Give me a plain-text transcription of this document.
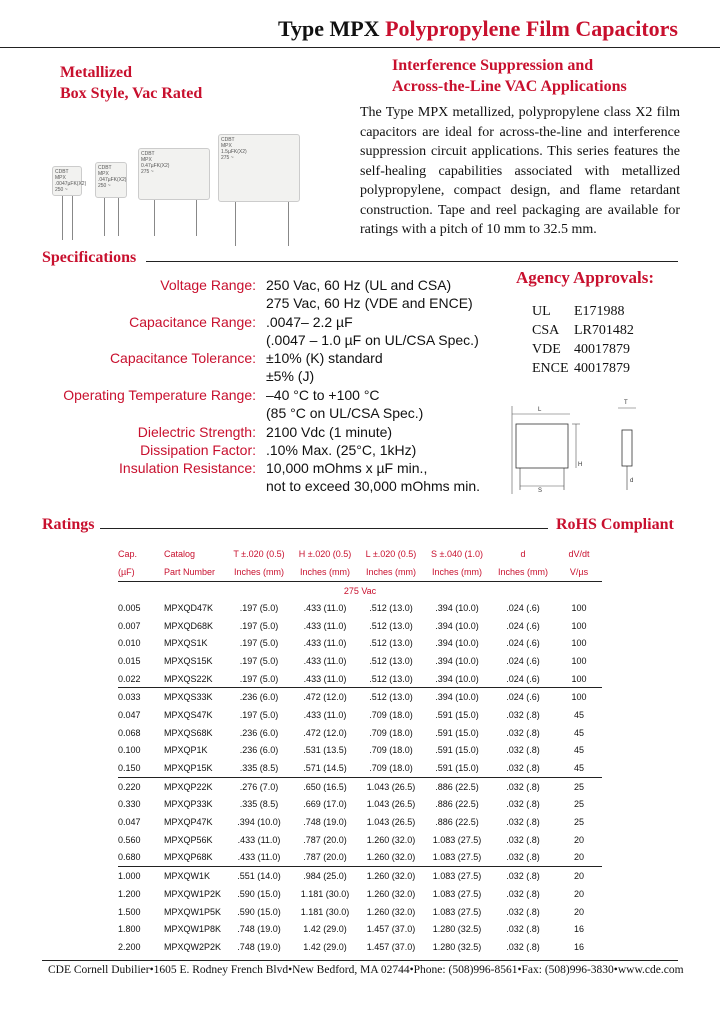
Type MPX Polypropylene Film Capacitors
Metallized
Box Style, Vac Rated
Interference Suppression and
Across-the-Line VAC Applications
The Type MPX metallized, polypropylene class X2 film capacitors are ideal for across-the-line and interference suppression circuit applications. This series features the self-healing capabilities associated with metallized polypropylene, compact design, and flame retardant construction. Tape and reel packaging are available for ratings with a pitch of 10 mm to 32.5 mm.
CDBT
MPX
.0047µFK(X2)
250 ~
CDBT
MPX
.047µFK(X2)
250 ~
CDBT
MPX
0.47µFK(X2)
275 ~
CDBT
MPX
1.5µFK(X2)
275 ~
Specifications
Voltage Range: 250 Vac, 60 Hz (UL and CSA)
275 Vac, 60 Hz (VDE and ENCE)
Capacitance Range: .0047– 2.2 µF
(.0047 – 1.0 µF on UL/CSA Spec.)
Capacitance Tolerance: ±10% (K) standard
±5% (J)
Operating Temperature Range: –40 °C to +100 °C
(85 °C on UL/CSA Spec.)
Dielectric Strength: 2100 Vdc (1 minute)
Dissipation Factor: .10% Max. (25°C, 1kHz)
Insulation Resistance: 10,000 mOhms x µF min.,
not to exceed 30,000 mOhms min.
Agency Approvals:
UL E171988
CSA LR701482
VDE 40017879
ENCE 40017879
L
H
S
T
d
Ratings	RoHS Compliant
Cap.	Catalog	T ±.020 (0.5)	H ±.020 (0.5)	L ±.020 (0.5)	S ±.040 (1.0)	d	dV/dt
(µF)	Part Number	Inches (mm)	Inches (mm)	Inches (mm)	Inches (mm)	Inches (mm)	V/µs
275 Vac							
0.005	MPXQD47K	.197 (5.0)	.433 (11.0)	.512 (13.0)	.394 (10.0)	.024 (.6)	100
0.007	MPXQD68K	.197 (5.0)	.433 (11.0)	.512 (13.0)	.394 (10.0)	.024 (.6)	100
0.010	MPXQS1K	.197 (5.0)	.433 (11.0)	.512 (13.0)	.394 (10.0)	.024 (.6)	100
0.015	MPXQS15K	.197 (5.0)	.433 (11.0)	.512 (13.0)	.394 (10.0)	.024 (.6)	100
0.022	MPXQS22K	.197 (5.0)	.433 (11.0)	.512 (13.0)	.394 (10.0)	.024 (.6)	100
0.033	MPXQS33K	.236 (6.0)	.472 (12.0)	.512 (13.0)	.394 (10.0)	.024 (.6)	100
0.047	MPXQS47K	.197 (5.0)	.433 (11.0)	.709 (18.0)	.591 (15.0)	.032 (.8)	45
0.068	MPXQS68K	.236 (6.0)	.472 (12.0)	.709 (18.0)	.591 (15.0)	.032 (.8)	45
0.100	MPXQP1K	.236 (6.0)	.531 (13.5)	.709 (18.0)	.591 (15.0)	.032 (.8)	45
0.150	MPXQP15K	.335 (8.5)	.571 (14.5)	.709 (18.0)	.591 (15.0)	.032 (.8)	45
0.220	MPXQP22K	.276 (7.0)	.650 (16.5)	1.043 (26.5)	.886 (22.5)	.032 (.8)	25
0.330	MPXQP33K	.335 (8.5)	.669 (17.0)	1.043 (26.5)	.886 (22.5)	.032 (.8)	25
0.047	MPXQP47K	.394 (10.0)	.748 (19.0)	1.043 (26.5)	.886 (22.5)	.032 (.8)	25
0.560	MPXQP56K	.433 (11.0)	.787 (20.0)	1.260 (32.0)	1.083 (27.5)	.032 (.8)	20
0.680	MPXQP68K	.433 (11.0)	.787 (20.0)	1.260 (32.0)	1.083 (27.5)	.032 (.8)	20
1.000	MPXQW1K	.551 (14.0)	.984 (25.0)	1.260 (32.0)	1.083 (27.5)	.032 (.8)	20
1.200	MPXQW1P2K	.590 (15.0)	1.181 (30.0)	1.260 (32.0)	1.083 (27.5)	.032 (.8)	20
1.500	MPXQW1P5K	.590 (15.0)	1.181 (30.0)	1.260 (32.0)	1.083 (27.5)	.032 (.8)	20
1.800	MPXQW1P8K	.748 (19.0)	1.42 (29.0)	1.457 (37.0)	1.280 (32.5)	.032 (.8)	16
2.200	MPXQW2P2K	.748 (19.0)	1.42 (29.0)	1.457 (37.0)	1.280 (32.5)	.032 (.8)	16
CDE Cornell Dubilier•1605 E. Rodney French Blvd•New Bedford, MA 02744•Phone: (508)996-8561•Fax: (508)996-3830•www.cde.com
